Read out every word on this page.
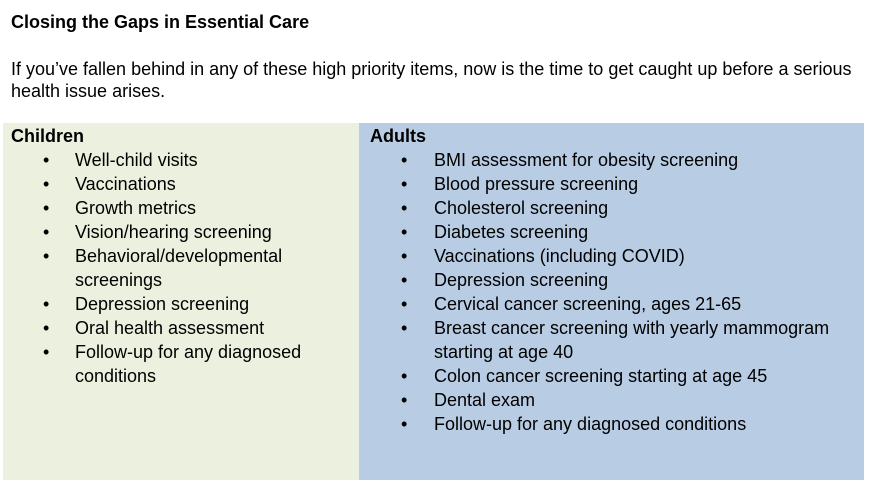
Closing the Gaps in Essential Care
If you’ve fallen behind in any of these high priority items, now is the time to get caught up before a serious health issue arises.
Children
• Well-child visits
• Vaccinations
• Growth metrics
• Vision/hearing screening
• Behavioral/developmental screenings
• Depression screening
• Oral health assessment
• Follow-up for any diagnosed conditions
Adults
• BMI assessment for obesity screening
• Blood pressure screening
• Cholesterol screening
• Diabetes screening
• Vaccinations (including COVID)
• Depression screening
• Cervical cancer screening, ages 21-65
• Breast cancer screening with yearly mammogram starting at age 40
• Colon cancer screening starting at age 45
• Dental exam
• Follow-up for any diagnosed conditions
